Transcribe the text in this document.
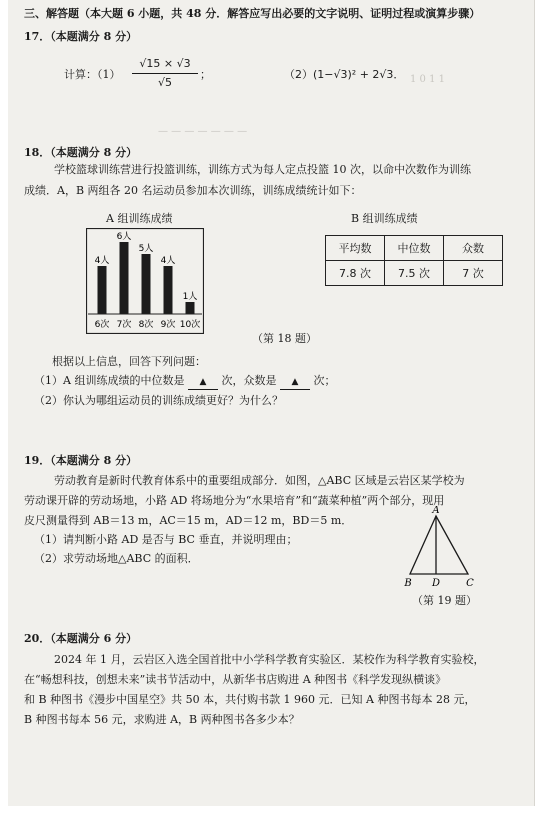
1 0 1 1
— — — — — — —
三、解答题（本大题 6 小题，共 48 分．解答应写出必要的文字说明、证明过程或演算步骤）
17．（本题满分 8 分）
计算：$(1) \frac{√15 \times √3}{√5}$ ；	（2）(1−√3)² + 2√3．
18．（本题满分 8 分）
学校篮球训练营进行投篮训练，训练方式为每人定点投篮 10 次，以命中次数作为训练
成绩．A，B 两组各 20 名运动员参加本次训练，训练成绩统计如下：
A 组训练成绩
4人
6次
6人
7次
5人
8次
4人
9次
1人
10次
B 组训练成绩
平均数	中位数	众数
7.8 次	7.5 次	7 次
（第 18 题）
根据以上信息，回答下列问题：
（1）A 组训练成绩的中位数是 ▲ 次，众数是 ▲ 次；
（2）你认为哪组运动员的训练成绩更好？为什么？
19．（本题满分 8 分）
劳动教育是新时代教育体系中的重要组成部分．如图，△ABC 区域是云岩区某学校为
劳动课开辟的劳动场地，小路 AD 将场地分为“水果培育”和“蔬菜种植”两个部分，现用
皮尺测量得到 AB＝13 m，AC＝15 m，AD＝12 m，BD＝5 m．
（1）请判断小路 AD 是否与 BC 垂直，并说明理由；
（2）求劳动场地△ABC 的面积．
A
B D	C
（第 19 题）
20．（本题满分 6 分）
2024 年 1 月，云岩区入选全国首批中小学科学教育实验区．某校作为科学教育实验校，
在“畅想科技，创想未来”读书节活动中，从新华书店购进 A 种图书《科学发现纵横谈》
和 B 种图书《漫步中国星空》共 50 本，共付购书款 1 960 元．已知 A 种图书每本 28 元，
B 种图书每本 56 元，求购进 A，B 两种图书各多少本？
